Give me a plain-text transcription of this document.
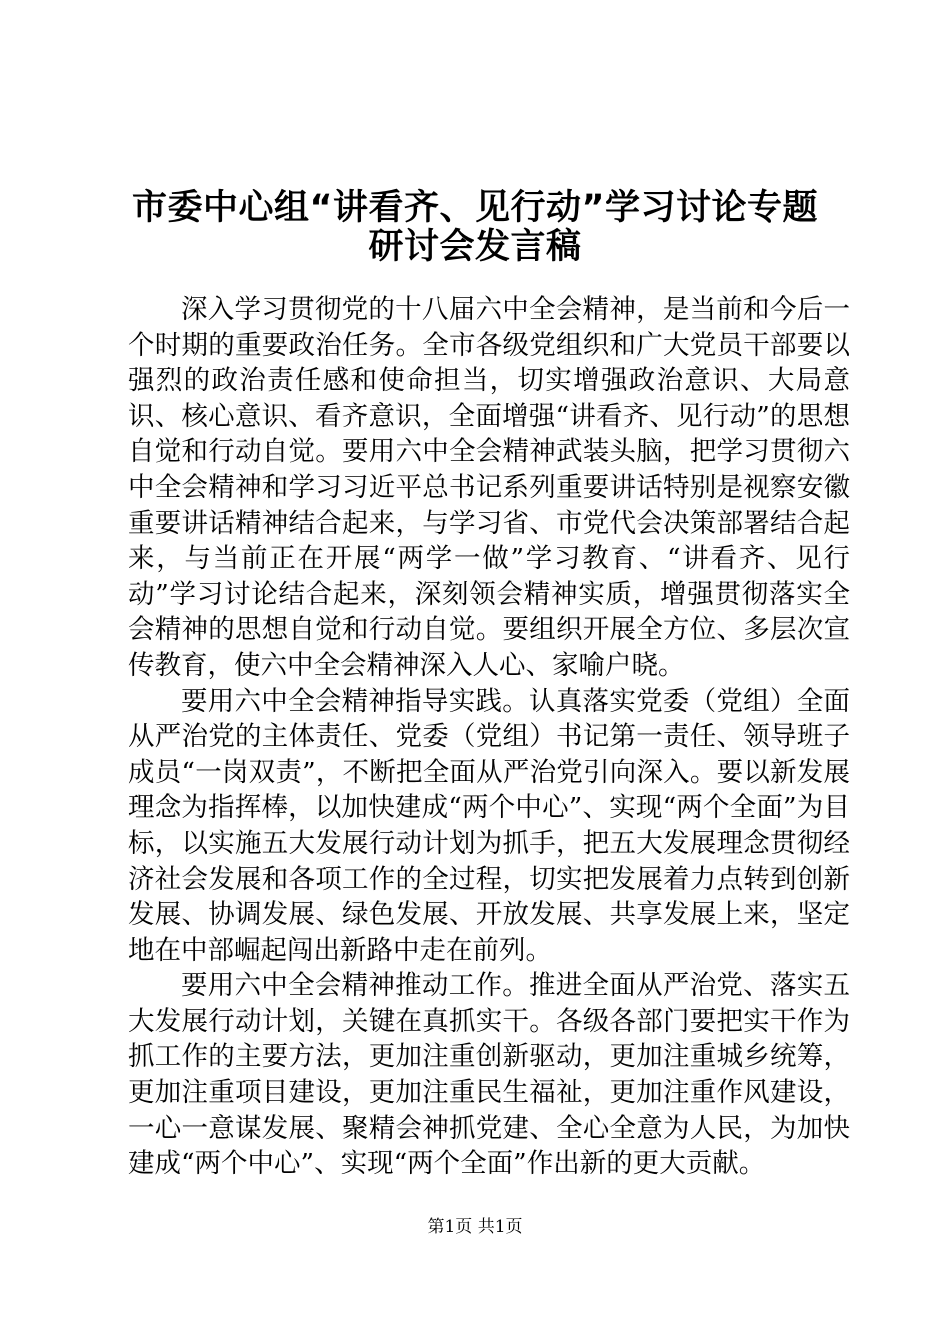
市委中心组“讲看齐、见行动”学习讨论专题
研讨会发言稿

深入学习贯彻党的十八届六中全会精神，是当前和今后一个时期的重要政治任务。全市各级党组织和广大党员干部要以强烈的政治责任感和使命担当，切实增强政治意识、大局意识、核心意识、看齐意识，全面增强“讲看齐、见行动”的思想自觉和行动自觉。要用六中全会精神武装头脑，把学习贯彻六中全会精神和学习习近平总书记系列重要讲话特别是视察安徽重要讲话精神结合起来，与学习省、市党代会决策部署结合起来，与当前正在开展“两学一做”学习教育、“讲看齐、见行动”学习讨论结合起来，深刻领会精神实质，增强贯彻落实全会精神的思想自觉和行动自觉。要组织开展全方位、多层次宣传教育，使六中全会精神深入人心、家喻户晓。

要用六中全会精神指导实践。认真落实党委（党组）全面从严治党的主体责任、党委（党组）书记第一责任、领导班子成员“一岗双责”，不断把全面从严治党引向深入。要以新发展理念为指挥棒，以加快建成“两个中心”、实现“两个全面”为目标，以实施五大发展行动计划为抓手，把五大发展理念贯彻经济社会发展和各项工作的全过程，切实把发展着力点转到创新发展、协调发展、绿色发展、开放发展、共享发展上来，坚定地在中部崛起闯出新路中走在前列。

要用六中全会精神推动工作。推进全面从严治党、落实五大发展行动计划，关键在真抓实干。各级各部门要把实干作为抓工作的主要方法，更加注重创新驱动，更加注重城乡统筹，更加注重项目建设，更加注重民生福祉，更加注重作风建设，一心一意谋发展、聚精会神抓党建、全心全意为人民，为加快建成“两个中心”、实现“两个全面”作出新的更大贡献。

第1页 共1页
